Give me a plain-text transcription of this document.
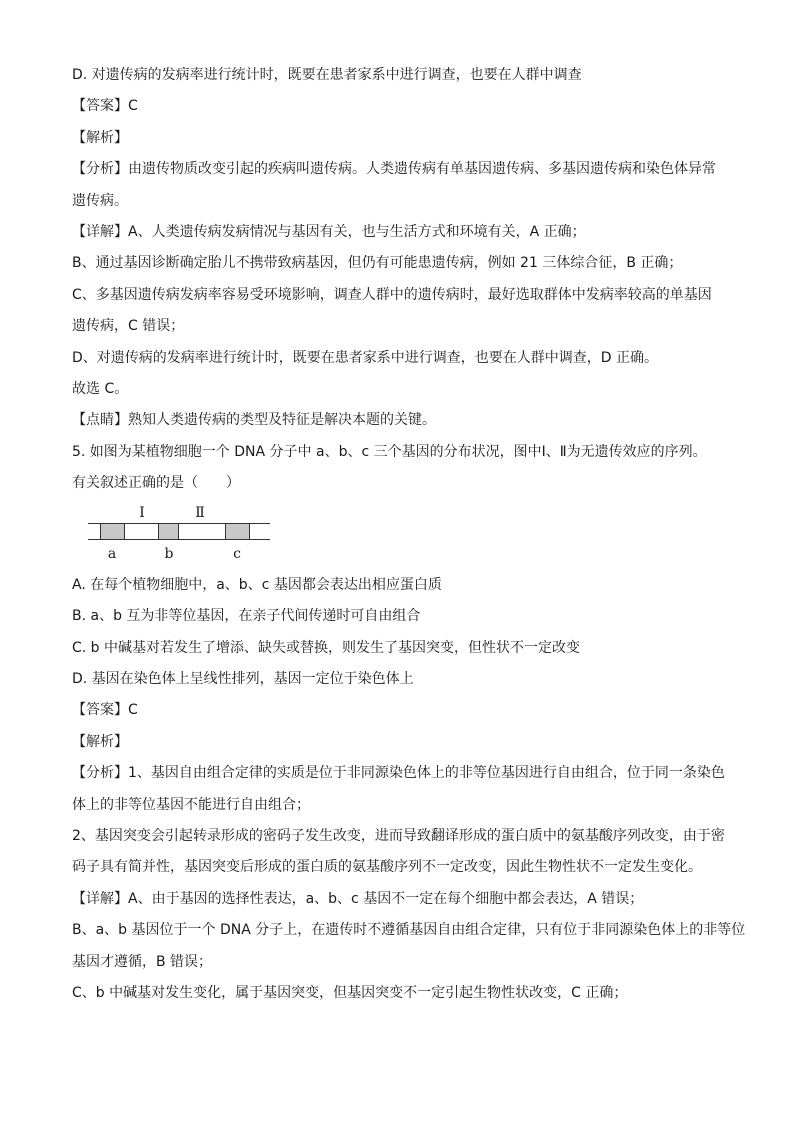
D. 对遗传病的发病率进行统计时，既要在患者家系中进行调查，也要在人群中调查
【答案】C
【解析】
【分析】由遗传物质改变引起的疾病叫遗传病。人类遗传病有单基因遗传病、多基因遗传病和染色体异常
遗传病。
【详解】A、人类遗传病发病情况与基因有关，也与生活方式和环境有关，A 正确；
B、通过基因诊断确定胎儿不携带致病基因，但仍有可能患遗传病，例如 21 三体综合征，B 正确；
C、多基因遗传病发病率容易受环境影响，调查人群中的遗传病时，最好选取群体中发病率较高的单基因
遗传病，C 错误；
D、对遗传病的发病率进行统计时，既要在患者家系中进行调查，也要在人群中调查，D 正确。
故选 C。
【点睛】熟知人类遗传病的类型及特征是解决本题的关键。
5. 如图为某植物细胞一个 DNA 分子中 a、b、c 三个基因的分布状况，图中Ⅰ、Ⅱ为无遗传效应的序列。
有关叙述正确的是（　　）
Ⅰ	Ⅱ
a	b	c
A. 在每个植物细胞中，a、b、c 基因都会表达出相应蛋白质
B. a、b 互为非等位基因，在亲子代间传递时可自由组合
C. b 中碱基对若发生了增添、缺失或替换，则发生了基因突变，但性状不一定改变
D. 基因在染色体上呈线性排列，基因一定位于染色体上
【答案】C
【解析】
【分析】1、基因自由组合定律的实质是位于非同源染色体上的非等位基因进行自由组合，位于同一条染色
体上的非等位基因不能进行自由组合；
2、基因突变会引起转录形成的密码子发生改变，进而导致翻译形成的蛋白质中的氨基酸序列改变，由于密
码子具有简并性，基因突变后形成的蛋白质的氨基酸序列不一定改变，因此生物性状不一定发生变化。
【详解】A、由于基因的选择性表达，a、b、c 基因不一定在每个细胞中都会表达，A 错误；
B、a、b 基因位于一个 DNA 分子上，在遗传时不遵循基因自由组合定律，只有位于非同源染色体上的非等位
基因才遵循，B 错误；
C、b 中碱基对发生变化，属于基因突变，但基因突变不一定引起生物性状改变，C 正确；
